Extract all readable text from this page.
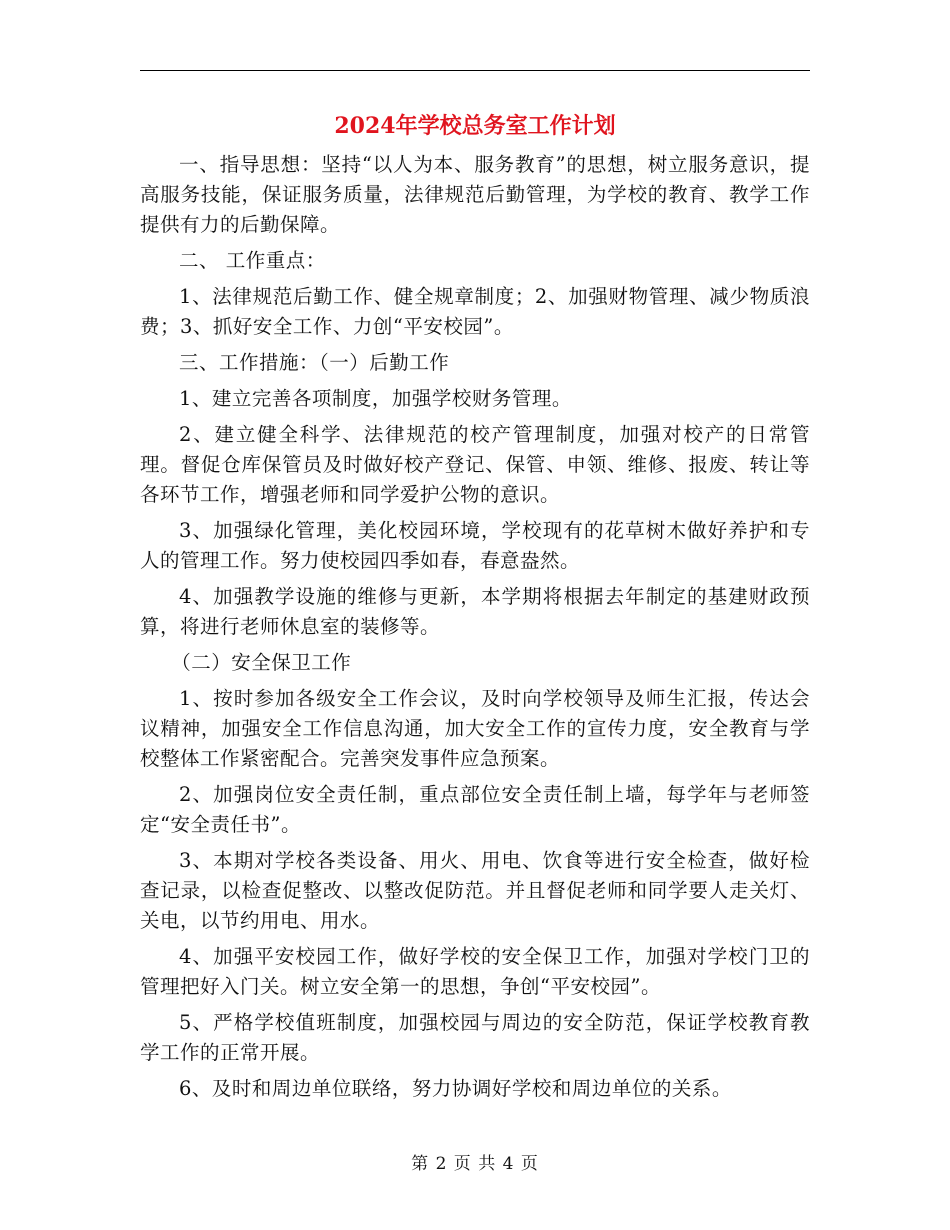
2024年学校总务室工作计划

一、指导思想：坚持“以人为本、服务教育”的思想，树立服务意识，提高服务技能，保证服务质量，法律规范后勤管理，为学校的教育、教学工作提供有力的后勤保障。

二、 工作重点：

1、法律规范后勤工作、健全规章制度；2、加强财物管理、减少物质浪费；3、抓好安全工作、力创“平安校园”。

三、工作措施：（一）后勤工作

1、建立完善各项制度，加强学校财务管理。

2、建立健全科学、法律规范的校产管理制度，加强对校产的日常管理。督促仓库保管员及时做好校产登记、保管、申领、维修、报废、转让等各环节工作，增强老师和同学爱护公物的意识。

3、加强绿化管理，美化校园环境，学校现有的花草树木做好养护和专人的管理工作。努力使校园四季如春，春意盎然。

4、加强教学设施的维修与更新，本学期将根据去年制定的基建财政预算，将进行老师休息室的装修等。

（二）安全保卫工作

1、按时参加各级安全工作会议，及时向学校领导及师生汇报，传达会议精神，加强安全工作信息沟通，加大安全工作的宣传力度，安全教育与学校整体工作紧密配合。完善突发事件应急预案。

2、加强岗位安全责任制，重点部位安全责任制上墙，每学年与老师签定“安全责任书”。

3、本期对学校各类设备、用火、用电、饮食等进行安全检查，做好检查记录，以检查促整改、以整改促防范。并且督促老师和同学要人走关灯、关电，以节约用电、用水。

4、加强平安校园工作，做好学校的安全保卫工作，加强对学校门卫的管理把好入门关。树立安全第一的思想，争创“平安校园”。

5、严格学校值班制度，加强校园与周边的安全防范，保证学校教育教学工作的正常开展。

6、及时和周边单位联络，努力协调好学校和周边单位的关系。

第 2 页 共 4 页
